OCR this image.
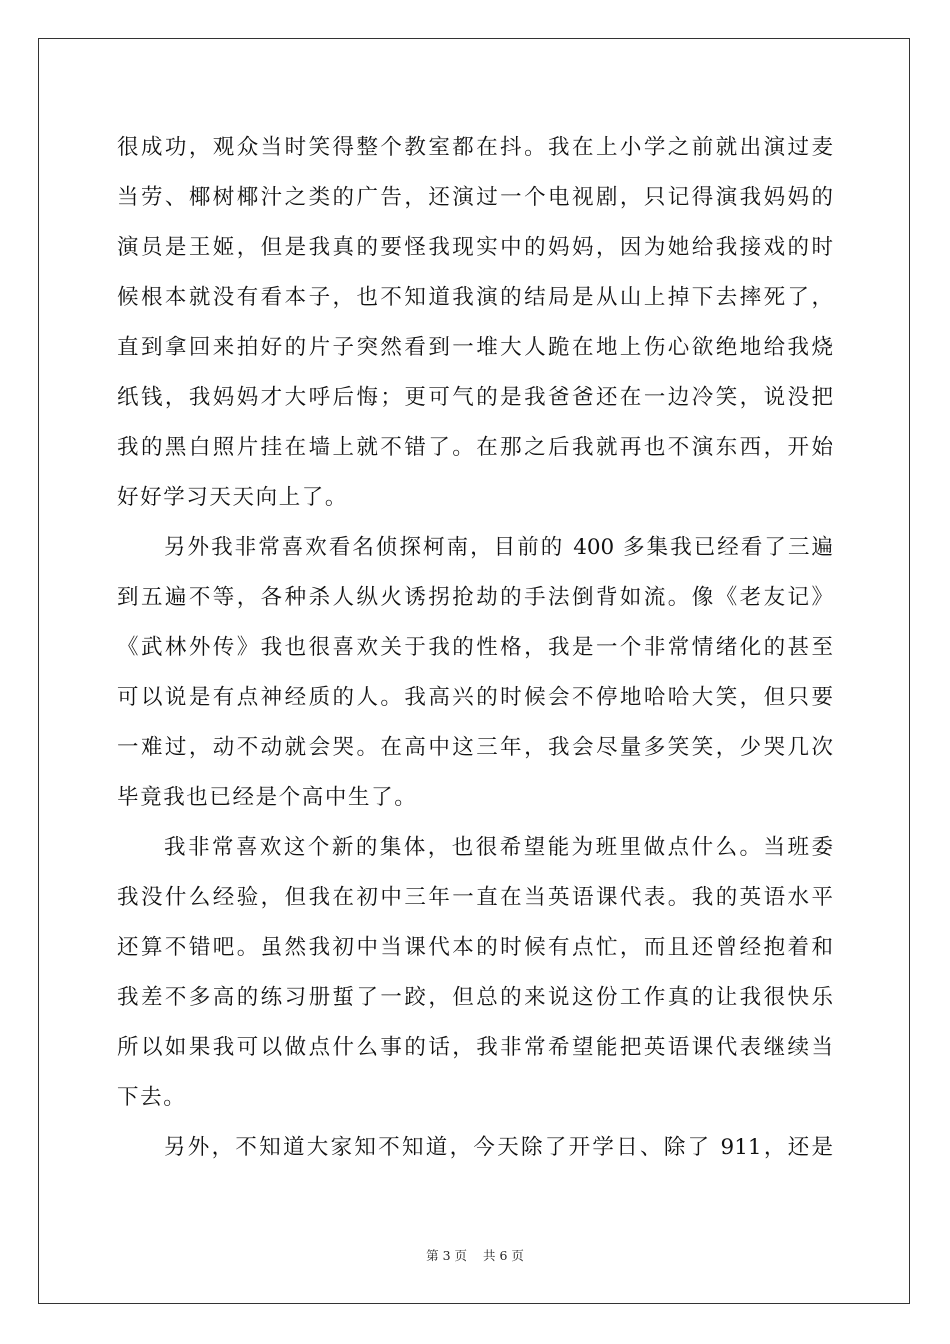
很成功，观众当时笑得整个教室都在抖。我在上小学之前就出演过麦
当劳、椰树椰汁之类的广告，还演过一个电视剧，只记得演我妈妈的
演员是王姬，但是我真的要怪我现实中的妈妈，因为她给我接戏的时
候根本就没有看本子，也不知道我演的结局是从山上掉下去摔死了，
直到拿回来拍好的片子突然看到一堆大人跪在地上伤心欲绝地给我烧
纸钱，我妈妈才大呼后悔；更可气的是我爸爸还在一边冷笑，说没把
我的黑白照片挂在墙上就不错了。在那之后我就再也不演东西，开始
好好学习天天向上了。
另外我非常喜欢看名侦探柯南，目前的 400 多集我已经看了三遍
到五遍不等，各种杀人纵火诱拐抢劫的手法倒背如流。像《老友记》
《武林外传》我也很喜欢关于我的性格，我是一个非常情绪化的甚至
可以说是有点神经质的人。我高兴的时候会不停地哈哈大笑，但只要
一难过，动不动就会哭。在高中这三年，我会尽量多笑笑，少哭几次
毕竟我也已经是个高中生了。
我非常喜欢这个新的集体，也很希望能为班里做点什么。当班委
我没什么经验，但我在初中三年一直在当英语课代表。我的英语水平
还算不错吧。虽然我初中当课代本的时候有点忙，而且还曾经抱着和
我差不多高的练习册蜇了一跤，但总的来说这份工作真的让我很快乐
所以如果我可以做点什么事的话，我非常希望能把英语课代表继续当
下去。
另外，不知道大家知不知道，今天除了开学日、除了 911，还是
第 3 页 共 6 页
